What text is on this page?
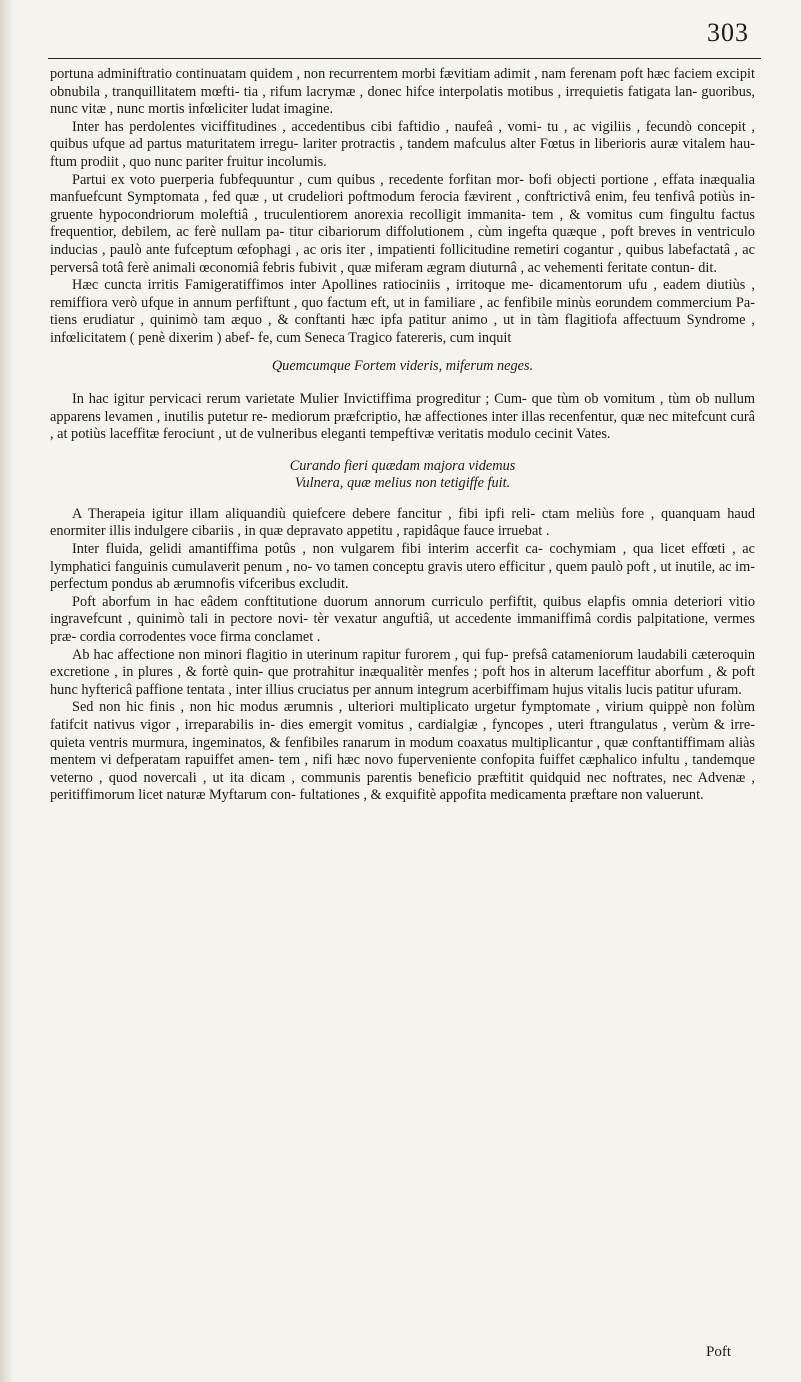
303

portuna adminiftratio continuatam quidem , non recurrentem morbi fævitiam adimit , nam ferenam poft hæc faciem excipit obnubila , tranquillitatem mœfti- tia , rifum lacrymæ , donec hifce interpolatis motibus , irrequietis fatigata lan- guoribus, nunc vitæ , nunc mortis infœliciter ludat imagine.

Inter has perdolentes viciffitudines , accedentibus cibi faftidio , naufeâ , vomi- tu , ac vigiliis , fecundò concepit , quibus ufque ad partus maturitatem irregu- lariter protractis , tandem mafculus alter Fœtus in liberioris auræ vitalem hau- ftum prodiit , quo nunc pariter fruitur incolumis.

Partui ex voto puerperia fubfequuntur , cum quibus , recedente forfitan mor- bofi objecti portione , effata inæqualia manfuefcunt Symptomata , fed quæ , ut crudeliori poftmodum ferocia fævirent , conftrictivâ enim, feu tenfivâ potiùs in- gruente hypocondriorum moleftiâ , truculentiorem anorexia recolligit immanita- tem , & vomitus cum fingultu factus frequentior, debilem, ac ferè nullam pa- titur cibariorum diffolutionem , cùm ingefta quæque , poft breves in ventriculo inducias , paulò ante fufceptum œfophagi , ac oris iter , impatienti follicitudine remetiri cogantur , quibus labefactatâ , ac perversâ totâ ferè animali œconomiâ febris fubivit , quæ miferam ægram diuturnâ , ac vehementi feritate contun- dit.

Hæc cuncta irritis Famigeratiffimos inter Apollines ratiociniis , irritoque me- dicamentorum ufu , eadem diutiùs , remiffiora verò ufque in annum perfiftunt , quo factum eft, ut in familiare , ac fenfibile minùs eorundem commercium Pa- tiens erudiatur , quinimò tam æquo , & conftanti hæc ipfa patitur animo , ut in tàm flagitiofa affectuum Syndrome , infœlicitatem ( penè dixerim ) abef- fe, cum Seneca Tragico fatereris, cum inquit

Quemcumque Fortem videris, miferum neges.

In hac igitur pervicaci rerum varietate Mulier Invictiffima progreditur ; Cum- que tùm ob vomitum , tùm ob nullum apparens levamen , inutilis putetur re- mediorum præfcriptio, hæ affectiones inter illas recenfentur, quæ nec mitefcunt curâ , at potiùs laceffitæ ferociunt , ut de vulneribus eleganti tempeftivæ veritatis modulo cecinit Vates.

Curando fieri quædam majora videmus
Vulnera, quæ melius non tetigiffe fuit.

A Therapeia igitur illam aliquandiù quiefcere debere fancitur , fibi ipfi reli- ctam meliùs fore , quanquam haud enormiter illis indulgere cibariis , in quæ depravato appetitu , rapidâque fauce irruebat .

Inter fluida, gelidi amantiffima potûs , non vulgarem fibi interim accerfit ca- cochymiam , qua licet effœti , ac lymphatici fanguinis cumulaverit penum , no- vo tamen conceptu gravis utero efficitur , quem paulò poft , ut inutile, ac im- perfectum pondus ab ærumnofis vifceribus excludit.

Poft aborfum in hac eâdem conftitutione duorum annorum curriculo perfiftit, quibus elapfis omnia deteriori vitio ingravefcunt , quinimò tali in pectore novi- tèr vexatur anguftiâ, ut accedente immaniffimâ cordis palpitatione, vermes præ- cordia corrodentes voce firma conclamet .

Ab hac affectione non minori flagitio in uterinum rapitur furorem , qui fup- prefsâ catameniorum laudabili cæteroquin excretione , in plures , & fortè quin- que protrahitur inæqualitèr menfes ; poft hos in alterum laceffitur aborfum , & poft hunc hyftericâ paffione tentata , inter illius cruciatus per annum integrum acerbiffimam hujus vitalis lucis patitur ufuram.

Sed non hic finis , non hic modus ærumnis , ulteriori multiplicato urgetur fymptomate , virium quippè non folùm fatifcit nativus vigor , irreparabilis in- dies emergit vomitus , cardialgiæ , fyncopes , uteri ftrangulatus , verùm & irre- quieta ventris murmura, ingeminatos, & fenfibiles ranarum in modum coaxatus multiplicantur , quæ conftantiffimam aliàs mentem vi defperatam rapuiffet amen- tem , nifi hæc novo fuperveniente confopita fuiffet cæphalico infultu , tandemque veterno , quod novercali , ut ita dicam , communis parentis beneficio præftitit quidquid nec noftrates, nec Advenæ , peritiffimorum licet naturæ Myftarum con- fultationes , & exquifitè appofita medicamenta præftare non valuerunt.

Poft
